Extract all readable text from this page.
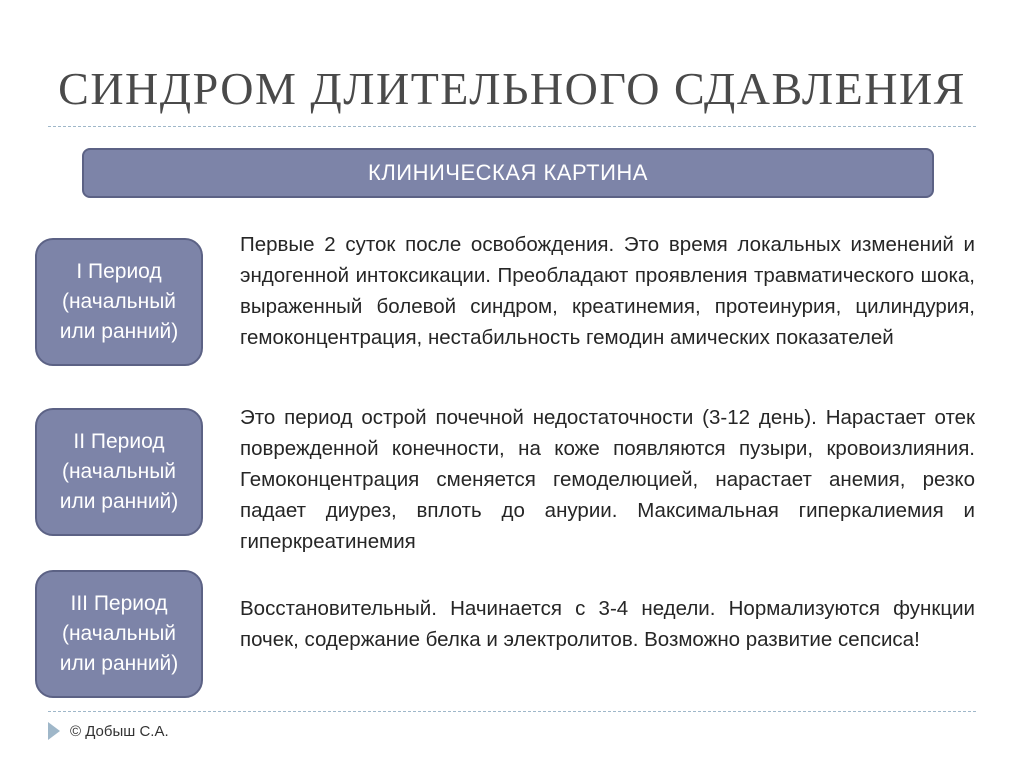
СИНДРОМ ДЛИТЕЛЬНОГО СДАВЛЕНИЯ
КЛИНИЧЕСКАЯ КАРТИНА
I Период
(начальный
или ранний)

Первые 2 суток после освобождения. Это время локальных изменений и эндогенной интоксикации. Преобладают проявления травматического шока, выраженный болевой синдром, креатинемия, протеинурия, цилиндурия, гемоконцентрация, нестабильность гемодин амических показателей

II Период
(начальный
или ранний)

Это период острой почечной недостаточности (3-12 день). Нарастает отек поврежденной конечности, на коже появляются пузыри, кровоизлияния. Гемоконцентрация сменяется гемоделюцией, нарастает анемия, резко падает диурез, вплоть до анурии. Максимальная гиперкалиемия и гиперкреатинемия

III Период
(начальный
или ранний)

Восстановительный. Начинается с 3-4 недели. Нормализуются функции почек, содержание белка и электролитов. Возможно развитие сепсиса!

© Добыш С.А.
